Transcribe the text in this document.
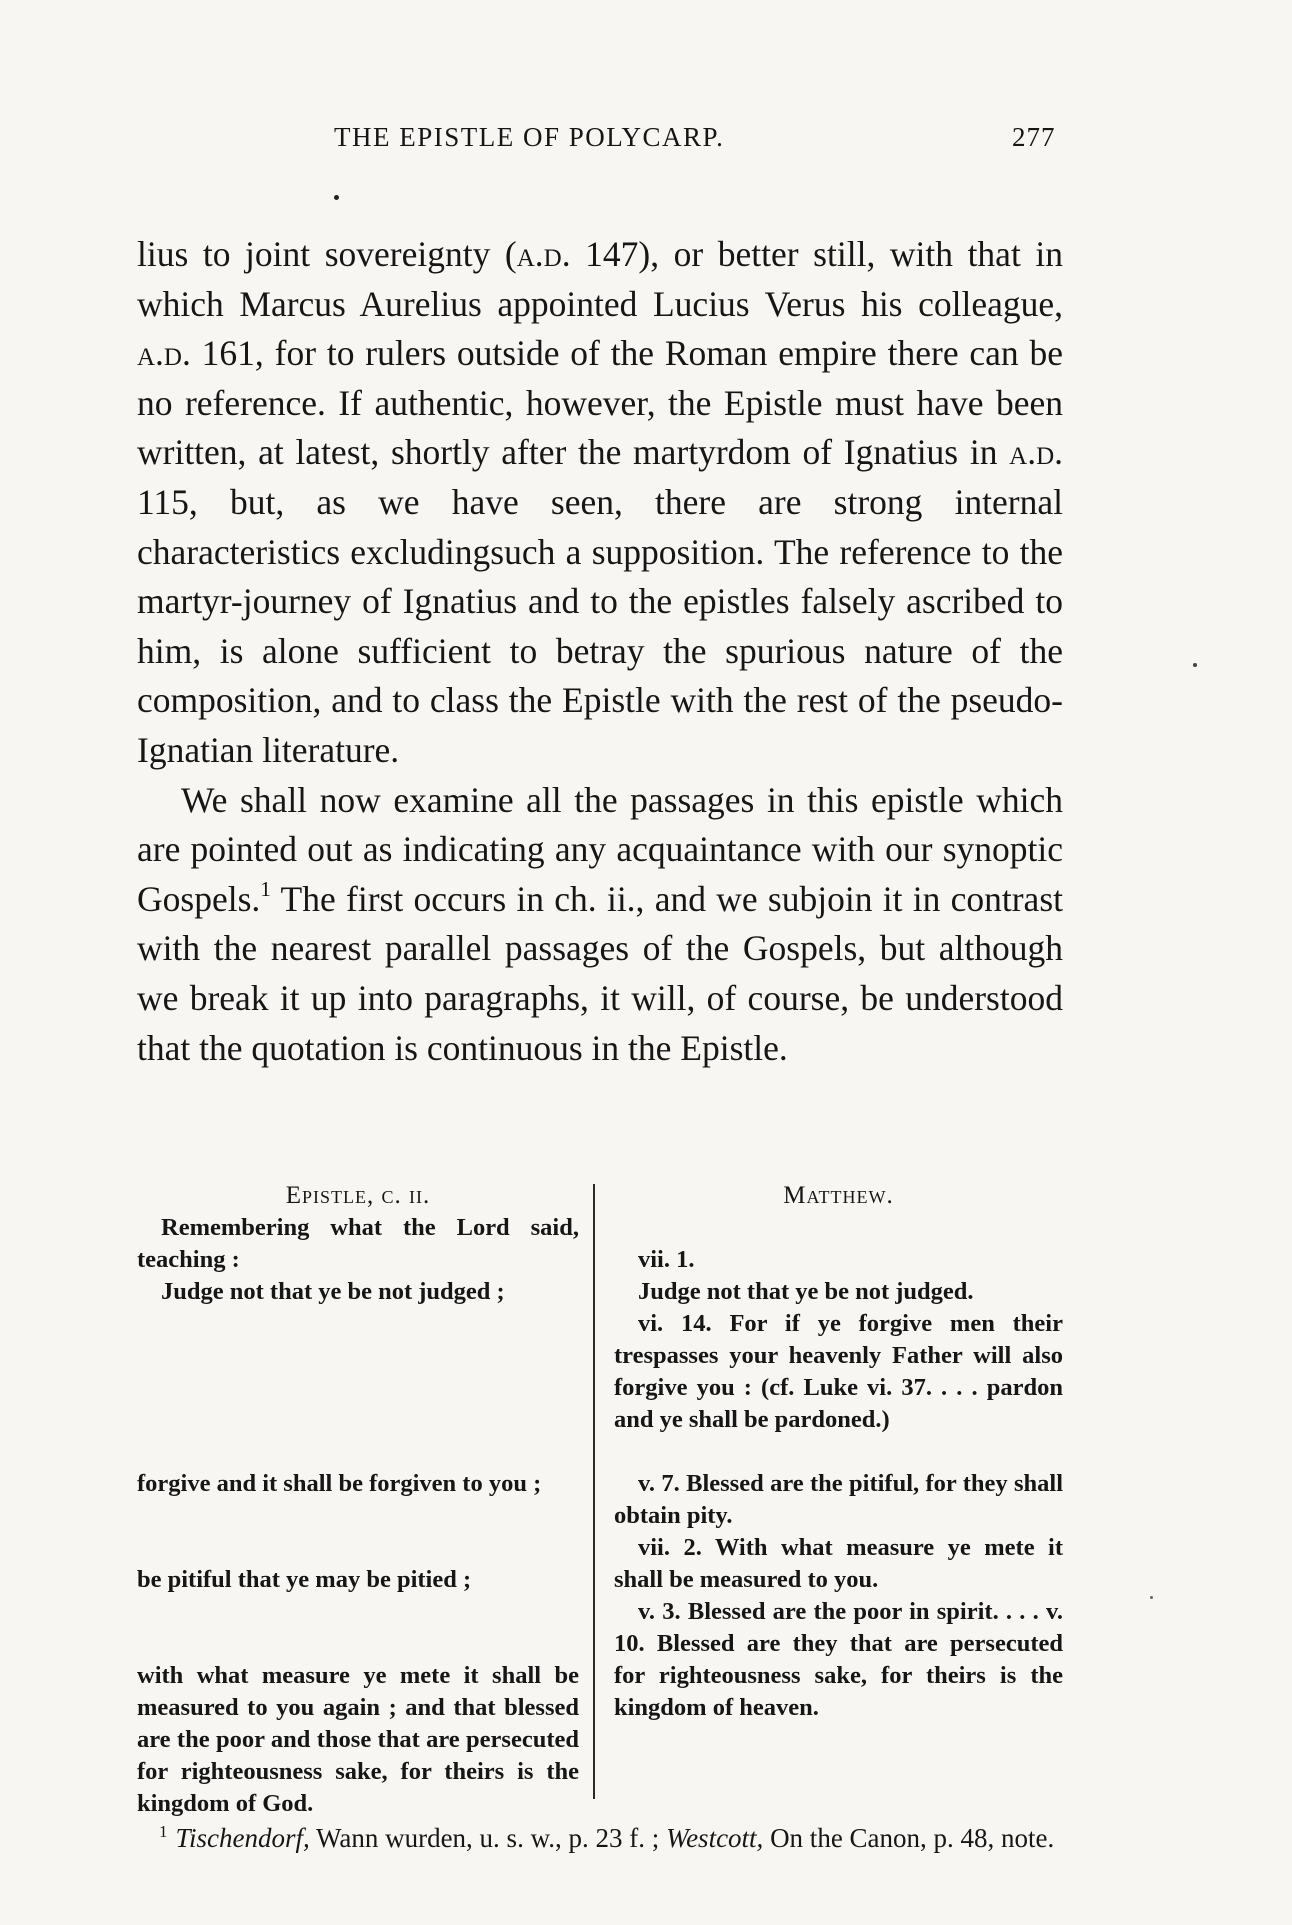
THE EPISTLE OF POLYCARP.	277

lius to joint sovereignty (a.d. 147), or better still, with that in which Marcus Aurelius appointed Lucius Verus his colleague, a.d. 161, for to rulers outside of the Roman empire there can be no reference. If authentic, however, the Epistle must have been written, at latest, shortly after the martyrdom of Ignatius in a.d. 115, but, as we have seen, there are strong internal characteristics excludingsuch a supposition. The reference to the martyr-journey of Ignatius and to the epistles falsely ascribed to him, is alone sufficient to betray the spurious nature of the composition, and to class the Epistle with the rest of the pseudo-Ignatian literature.

We shall now examine all the passages in this epistle which are pointed out as indicating any acquaintance with our synoptic Gospels.$^1$ The first occurs in ch. ii., and we subjoin it in contrast with the nearest parallel passages of the Gospels, but although we break it up into paragraphs, it will, of course, be understood that the quotation is continuous in the Epistle.

Epistle, c. ii.
Remembering what the Lord said, teaching :
Judge not that ye be not judged ;
forgive and it shall be forgiven to you ;
be pitiful that ye may be pitied ;
with what measure ye mete it shall be measured to you again ; and that blessed are the poor and those that are persecuted for righteousness sake, for theirs is the kingdom of God.
Matthew.
vii. 1.
Judge not that ye be not judged.
vi. 14. For if ye forgive men their trespasses your heavenly Father will also forgive you : (cf. Luke vi. 37. . . . pardon and ye shall be pardoned.)
v. 7. Blessed are the pitiful, for they shall obtain pity.
vii. 2. With what measure ye mete it shall be measured to you.
v. 3. Blessed are the poor in spirit. . . . v. 10. Blessed are they that are persecuted for righteousness sake, for theirs is the kingdom of heaven.
$^1$ Tischendorf, Wann wurden, u. s. w., p. 23 f. ; Westcott, On the Canon, p. 48, note.
